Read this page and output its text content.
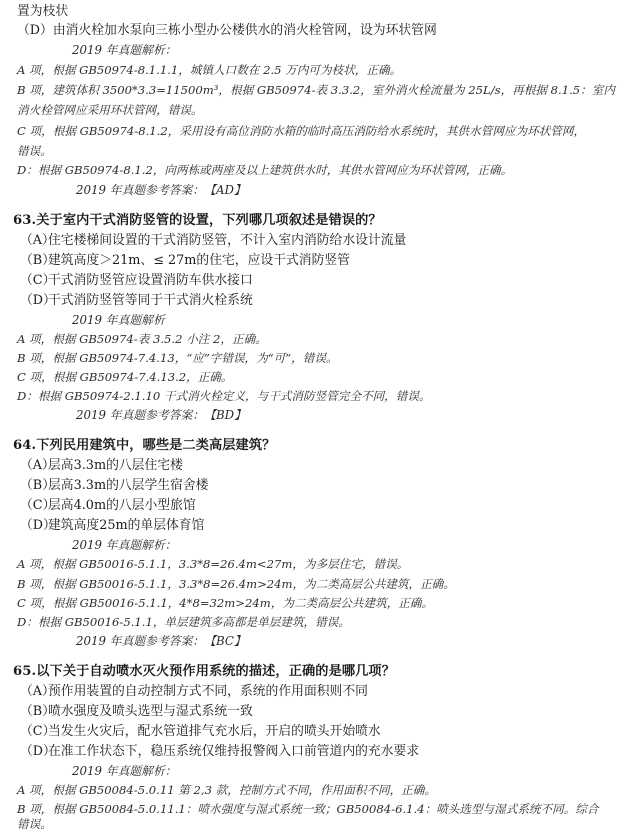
置为枝状
（D）由消火栓加水泵向三栋小型办公楼供水的消火栓管网，设为环状管网
2019 年真题解析：
A 项，根据 GB50974-8.1.1.1，城镇人口数在 2.5 万内可为枝状，正确。
B 项，建筑体积 3500*3.3=11500m³，根据 GB50974-表 3.3.2，室外消火栓流量为 25L/s，再根据 8.1.5：室内
消火栓管网应采用环状管网，错误。
C 项，根据 GB50974-8.1.2，采用设有高位消防水箱的临时高压消防给水系统时，其供水管网应为环状管网，
错误。
D：根据 GB50974-8.1.2，向两栋或两座及以上建筑供水时，其供水管网应为环状管网，正确。
2019 年真题参考答案：【AD】
63.关于室内干式消防竖管的设置，下列哪几项叙述是错误的？
（A）住宅楼梯间设置的干式消防竖管，不计入室内消防给水设计流量
（B）建筑高度＞21m、≤ 27m的住宅，应设干式消防竖管
（C）干式消防竖管应设置消防车供水接口
（D）干式消防竖管等同于干式消火栓系统
2019 年真题解析
A 项，根据 GB50974-表 3.5.2 小注 2，正确。
B 项，根据 GB50974-7.4.13，“应”字错误，为“可”，错误。
C 项，根据 GB50974-7.4.13.2，正确。
D：根据 GB50974-2.1.10 干式消火栓定义，与干式消防竖管完全不同，错误。
2019 年真题参考答案：【BD】
64.下列民用建筑中，哪些是二类高层建筑？
（A）层高3.3m的八层住宅楼
（B）层高3.3m的八层学生宿舍楼
（C）层高4.0m的八层小型旅馆
（D）建筑高度25m的单层体育馆
2019 年真题解析：
A 项，根据 GB50016-5.1.1，3.3*8=26.4m<27m，为多层住宅，错误。
B 项，根据 GB50016-5.1.1，3.3*8=26.4m>24m，为二类高层公共建筑，正确。
C 项，根据 GB50016-5.1.1，4*8=32m>24m，为二类高层公共建筑，正确。
D：根据 GB50016-5.1.1，单层建筑多高都是单层建筑，错误。
2019 年真题参考答案：【BC】
65.以下关于自动喷水灭火预作用系统的描述，正确的是哪几项？
（A）预作用装置的自动控制方式不同，系统的作用面积则不同
（B）喷水强度及喷头选型与湿式系统一致
（C）当发生火灾后，配水管道排气充水后，开启的喷头开始喷水
（D）在准工作状态下，稳压系统仅维持报警阀入口前管道内的充水要求
2019 年真题解析：
A 项，根据 GB50084-5.0.11 第 2,3 款，控制方式不同，作用面积不同，正确。
B 项，根据 GB50084-5.0.11.1：喷水强度与湿式系统一致；GB50084-6.1.4：喷头选型与湿式系统不同。综合
错误。
